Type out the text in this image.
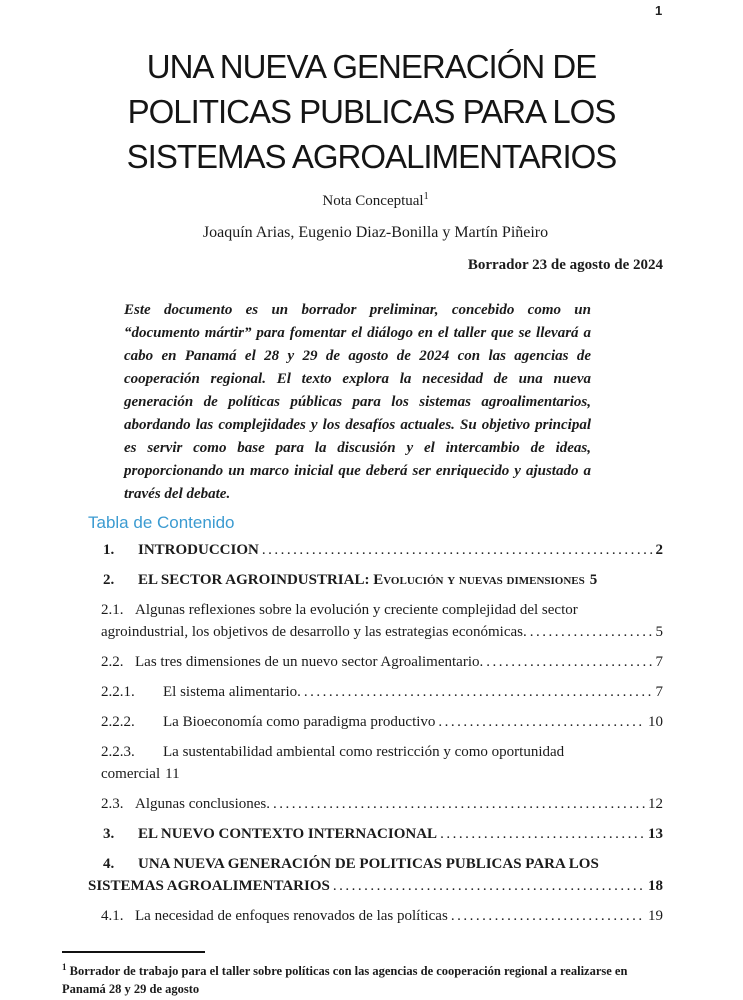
1
UNA NUEVA GENERACIÓN DE
POLITICAS PUBLICAS PARA LOS
SISTEMAS AGROALIMENTARIOS
Nota Conceptual$^1$
Joaquín Arias, Eugenio Diaz-Bonilla y Martín Piñeiro
Borrador 23 de agosto de 2024
Este documento es un borrador preliminar, concebido como un “documento mártir” para fomentar el diálogo en el taller que se llevará a cabo en Panamá el 28 y 29 de agosto de 2024 con las agencias de cooperación regional. El texto explora la necesidad de una nueva generación de políticas públicas para los sistemas agroalimentarios, abordando las complejidades y los desafíos actuales. Su objetivo principal es servir como base para la discusión y el intercambio de ideas, proporcionando un marco inicial que deberá ser enriquecido y ajustado a través del debate.
Tabla de Contenido
1.	INTRODUCCION .....	2
2.	EL SECTOR AGROINDUSTRIAL: Evolución y nuevas dimensiones 5
2.1. Algunas reflexiones sobre la evolución y creciente complejidad del sector
agroindustrial, los objetivos de desarrollo y las estrategias económicas. .....	5
2.2. Las tres dimensiones de un nuevo sector Agroalimentario. .....	7
2.2.1.	El sistema alimentario. .....	7
2.2.2.	La Bioeconomía como paradigma productivo .....	10
2.2.3.	La sustentabilidad ambiental como restricción y como oportunidad
comercial 11
2.3. Algunas conclusiones. .....	12
3.	EL NUEVO CONTEXTO INTERNACIONAL .....	13
4.	UNA NUEVA GENERACIÓN DE POLITICAS PUBLICAS PARA LOS
SISTEMAS AGROALIMENTARIOS .....	18
4.1. La necesidad de enfoques renovados de las políticas .....	19
$^1$ Borrador de trabajo para el taller sobre políticas con las agencias de cooperación regional a realizarse en Panamá 28 y 29 de agosto
